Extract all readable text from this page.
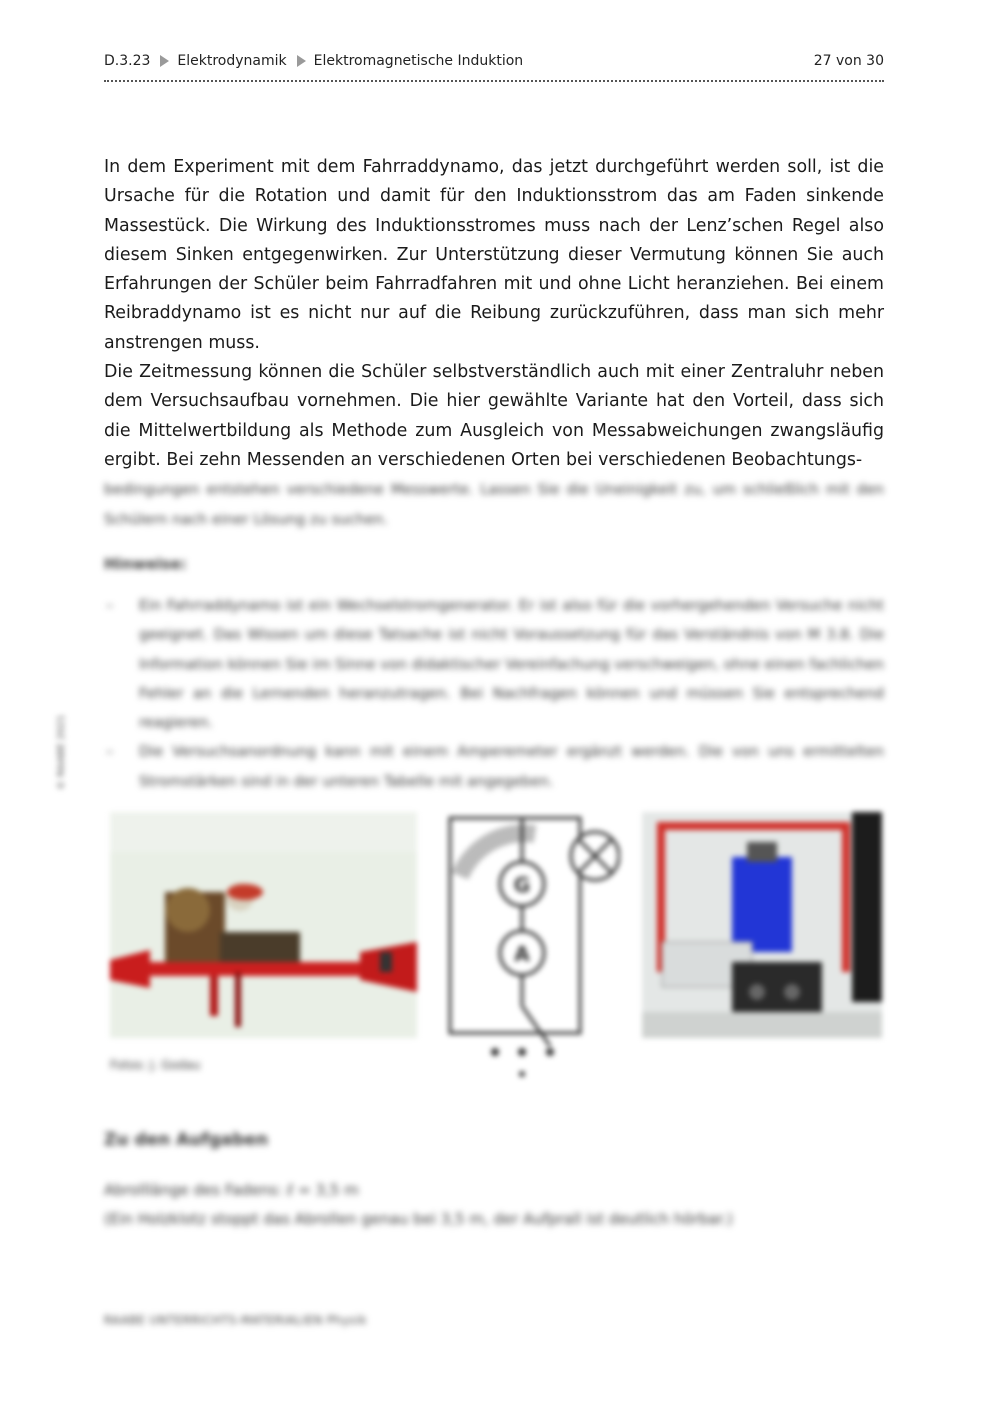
D.3.23 Elektrodynamik Elektromagnetische Induktion	27 von 30

In dem Experiment mit dem Fahrraddynamo, das jetzt durchgeführt werden soll, ist die Ursache für die Rotation und damit für den Induktionsstrom das am Faden sinkende Massestück. Die Wirkung des Induktionsstromes muss nach der Lenz’schen Regel also diesem Sinken entgegenwirken. Zur Unterstützung dieser Vermutung können Sie auch Erfahrungen der Schüler beim Fahrradfahren mit und ohne Licht heranziehen. Bei einem Reibraddynamo ist es nicht nur auf die Reibung zurückzuführen, dass man sich mehr anstrengen muss.

Die Zeitmessung können die Schüler selbstverständlich auch mit einer Zentraluhr neben dem Versuchsaufbau vornehmen. Die hier gewählte Variante hat den Vorteil, dass sich die Mittelwertbildung als Methode zum Ausgleich von Messabweichungen zwangsläufig ergibt. Bei zehn Messenden an verschiedenen Orten bei verschiedenen Beobachtungs-

bedingungen entstehen verschiedene Messwerte. Lassen Sie die Uneinigkeit zu, um schließlich mit den Schülern nach einer Lösung zu suchen.
Hinweise:
– Ein Fahrraddynamo ist ein Wechselstromgenerator. Er ist also für die vorhergehenden Versuche nicht geeignet. Das Wissen um diese Tatsache ist nicht Voraussetzung für das Verständnis von M 3.8. Die Information können Sie im Sinne von didaktischer Vereinfachung verschweigen, ohne einen fachlichen Fehler an die Lernenden heranzutragen. Bei Nachfragen können und müssen Sie entsprechend reagieren.
– Die Versuchsanordnung kann mit einem Amperemeter ergänzt werden. Die von uns ermittelten Stromstärken sind in der unteren Tabelle mit angegeben.
© RAABE 2021
G
A
Fotos: J. Godau
Zu den Aufgaben
Abrolllänge des Fadens: ℓ = 3,5 m
(Ein Holzklotz stoppt das Abrollen genau bei 3,5 m, der Aufprall ist deutlich hörbar.)
RAABE UNTERRICHTS-MATERIALIEN Physik
